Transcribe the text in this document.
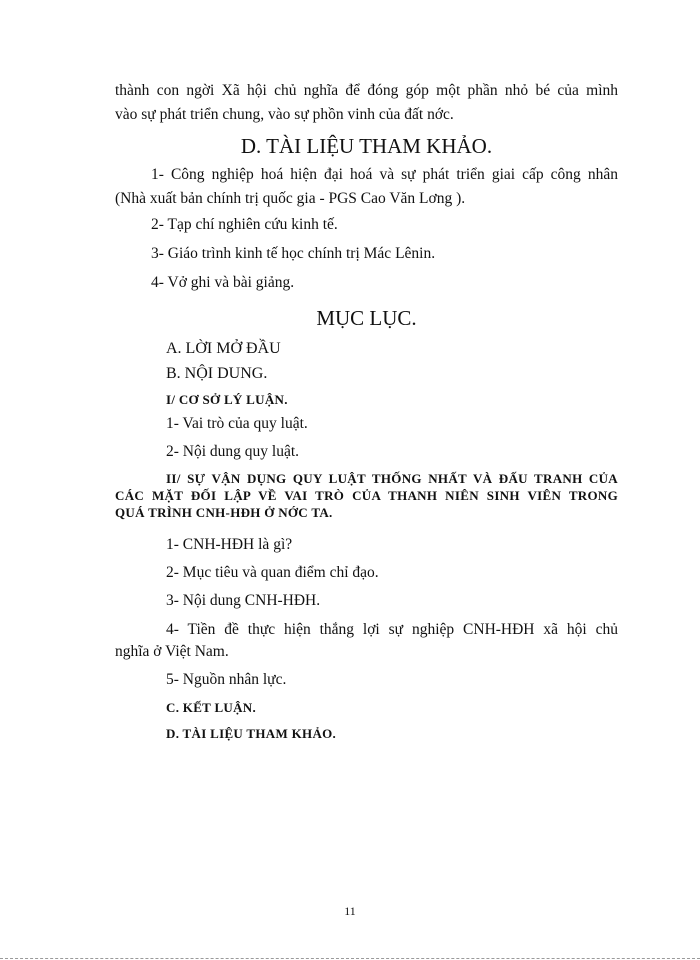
thành con ngời Xã hội chủ nghĩa để đóng góp một phần nhỏ bé của mình
vào sự phát triển chung, vào sự phồn vinh của đất nớc.
D. TÀI LIỆU THAM KHẢO.
1- Công nghiệp hoá hiện đại hoá và sự phát triển giai cấp công nhân
(Nhà xuất bản chính trị quốc gia - PGS Cao Văn Lơng ).
2- Tạp chí nghiên cứu kinh tế.
3- Giáo trình kinh tế học chính trị Mác Lênin.
4- Vở ghi và bài giảng.
MỤC LỤC.
A. LỜI MỞ ĐẦU
B. NỘI DUNG.
I/ CƠ SỞ LÝ LUẬN.
1- Vai trò của quy luật.
2- Nội dung quy luật.
II/ SỰ VẬN DỤNG QUY LUẬT THỐNG NHẤT VÀ ĐẤU TRANH CỦA
CÁC MẶT ĐỐI LẬP VỀ VAI TRÒ CỦA THANH NIÊN SINH VIÊN TRONG
QUÁ TRÌNH CNH-HĐH Ở NỚC TA.
1- CNH-HĐH là gì?
2- Mục tiêu và quan điểm chỉ đạo.
3- Nội dung CNH-HĐH.
4- Tiền đề thực hiện thắng lợi sự nghiệp CNH-HĐH xã hội chủ
nghĩa ở Việt Nam.
5- Nguồn nhân lực.
C. KẾT LUẬN.
D. TÀI LIỆU THAM KHẢO.
11
